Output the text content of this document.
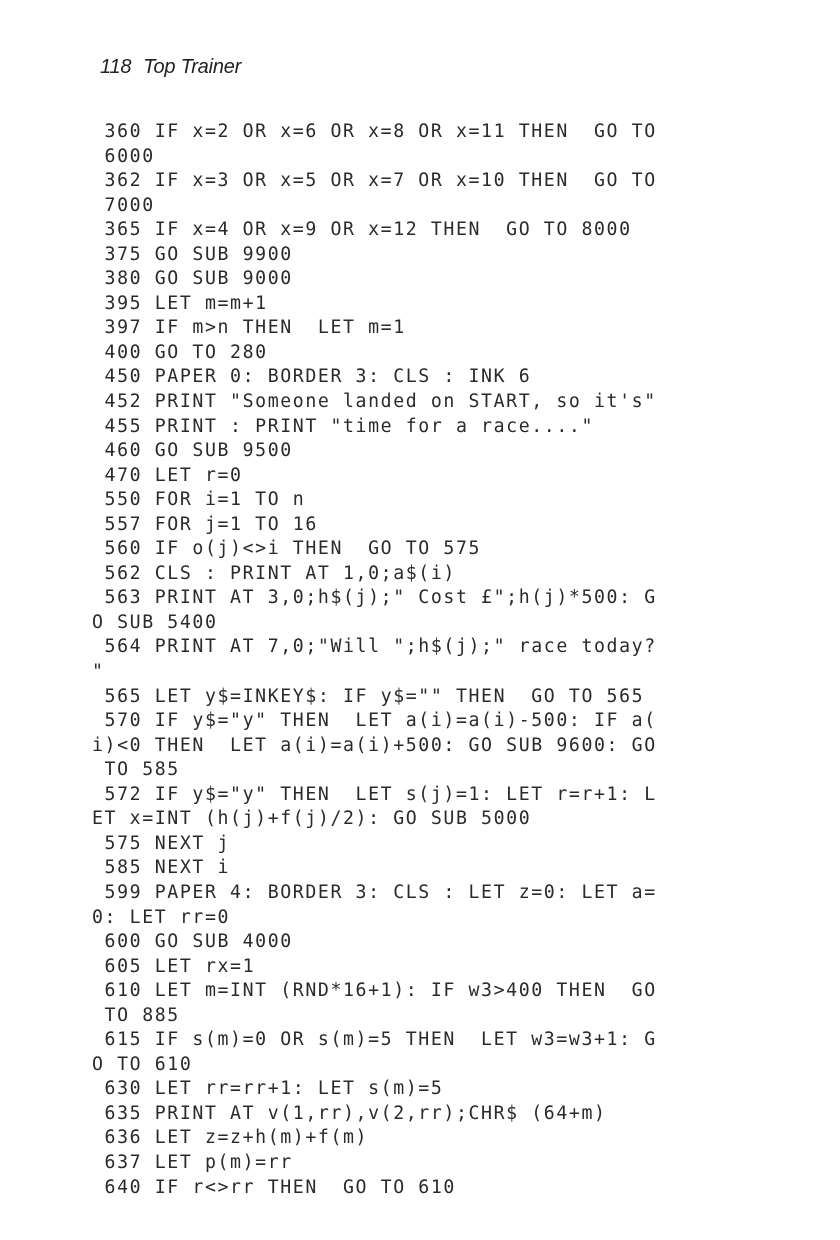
118 Top Trainer
360 IF x=2 OR x=6 OR x=8 OR x=11 THEN  GO TO
6000
362 IF x=3 OR x=5 OR x=7 OR x=10 THEN  GO TO
7000
365 IF x=4 OR x=9 OR x=12 THEN  GO TO 8000
375 GO SUB 9900
380 GO SUB 9000
395 LET m=m+1
397 IF m>n THEN  LET m=1
400 GO TO 280
450 PAPER 0: BORDER 3: CLS : INK 6
452 PRINT "Someone landed on START, so it's"
455 PRINT : PRINT "time for a race...."
460 GO SUB 9500
470 LET r=0
550 FOR i=1 TO n
557 FOR j=1 TO 16
560 IF o(j)<>i THEN  GO TO 575
562 CLS : PRINT AT 1,0;a$(i)
563 PRINT AT 3,0;h$(j);" Cost £";h(j)*500: G
O SUB 5400
564 PRINT AT 7,0;"Will ";h$(j);" race today?
"
565 LET y$=INKEY$: IF y$="" THEN  GO TO 565
570 IF y$="y" THEN  LET a(i)=a(i)-500: IF a(
i)<0 THEN  LET a(i)=a(i)+500: GO SUB 9600: GO
TO 585
572 IF y$="y" THEN  LET s(j)=1: LET r=r+1: L
ET x=INT (h(j)+f(j)/2): GO SUB 5000
575 NEXT j
585 NEXT i
599 PAPER 4: BORDER 3: CLS : LET z=0: LET a=
0: LET rr=0
600 GO SUB 4000
605 LET rx=1
610 LET m=INT (RND*16+1): IF w3>400 THEN  GO
TO 885
615 IF s(m)=0 OR s(m)=5 THEN  LET w3=w3+1: G
O TO 610
630 LET rr=rr+1: LET s(m)=5
635 PRINT AT v(1,rr),v(2,rr);CHR$ (64+m)
636 LET z=z+h(m)+f(m)
637 LET p(m)=rr
640 IF r<>rr THEN  GO TO 610
